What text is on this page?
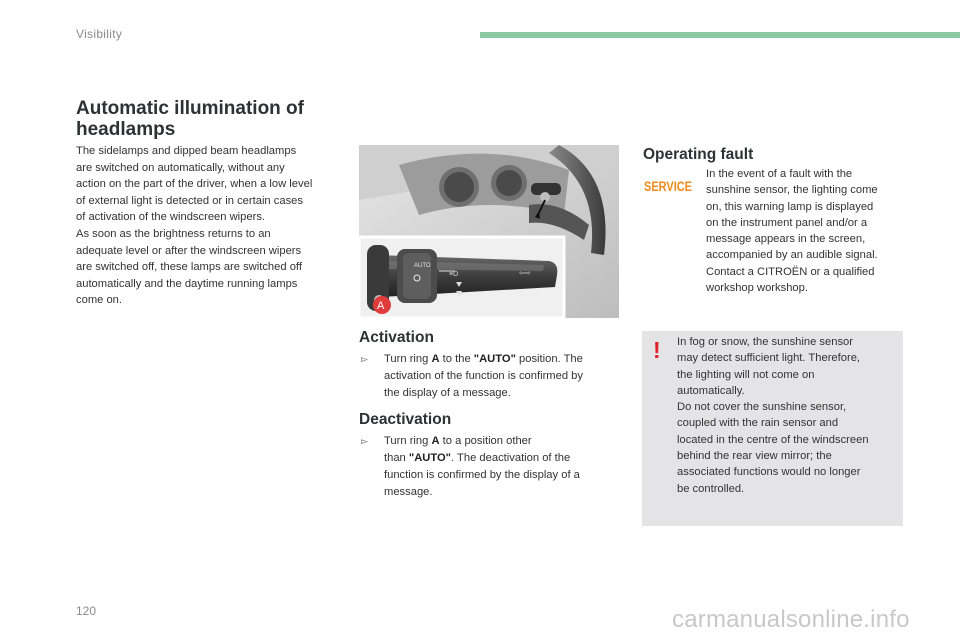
Visibility
Automatic illumination of
headlamps

The sidelamps and dipped beam headlamps

are switched on automatically, without any

action on the part of the driver, when a low level

of external light is detected or in certain cases

of activation of the windscreen wipers.

As soon as the brightness returns to an

adequate level or after the windscreen wipers

are switched off, these lamps are switched off

automatically and the daytime running lamps

come on.

AUTO
≡D	⇦⇨
A
Activation
▻ Turn ring A to the "AUTO" position. The
activation of the function is confirmed by
the display of a message.
Deactivation
▻ Turn ring A to a position other
than "AUTO". The deactivation of the
function is confirmed by the display of a
message.
Operating fault
SERVICE
In the event of a fault with the
sunshine sensor, the lighting come
on, this warning lamp is displayed
on the instrument panel and/or a
message appears in the screen,
accompanied by an audible signal.
Contact a CITROËN or a qualified
workshop workshop.
! In fog or snow, the sunshine sensor

may detect sufficient light. Therefore,

the lighting will not come on

automatically.

Do not cover the sunshine sensor,

coupled with the rain sensor and

located in the centre of the windscreen

behind the rear view mirror; the

associated functions would no longer

be controlled.

120	carmanualsonline.info
